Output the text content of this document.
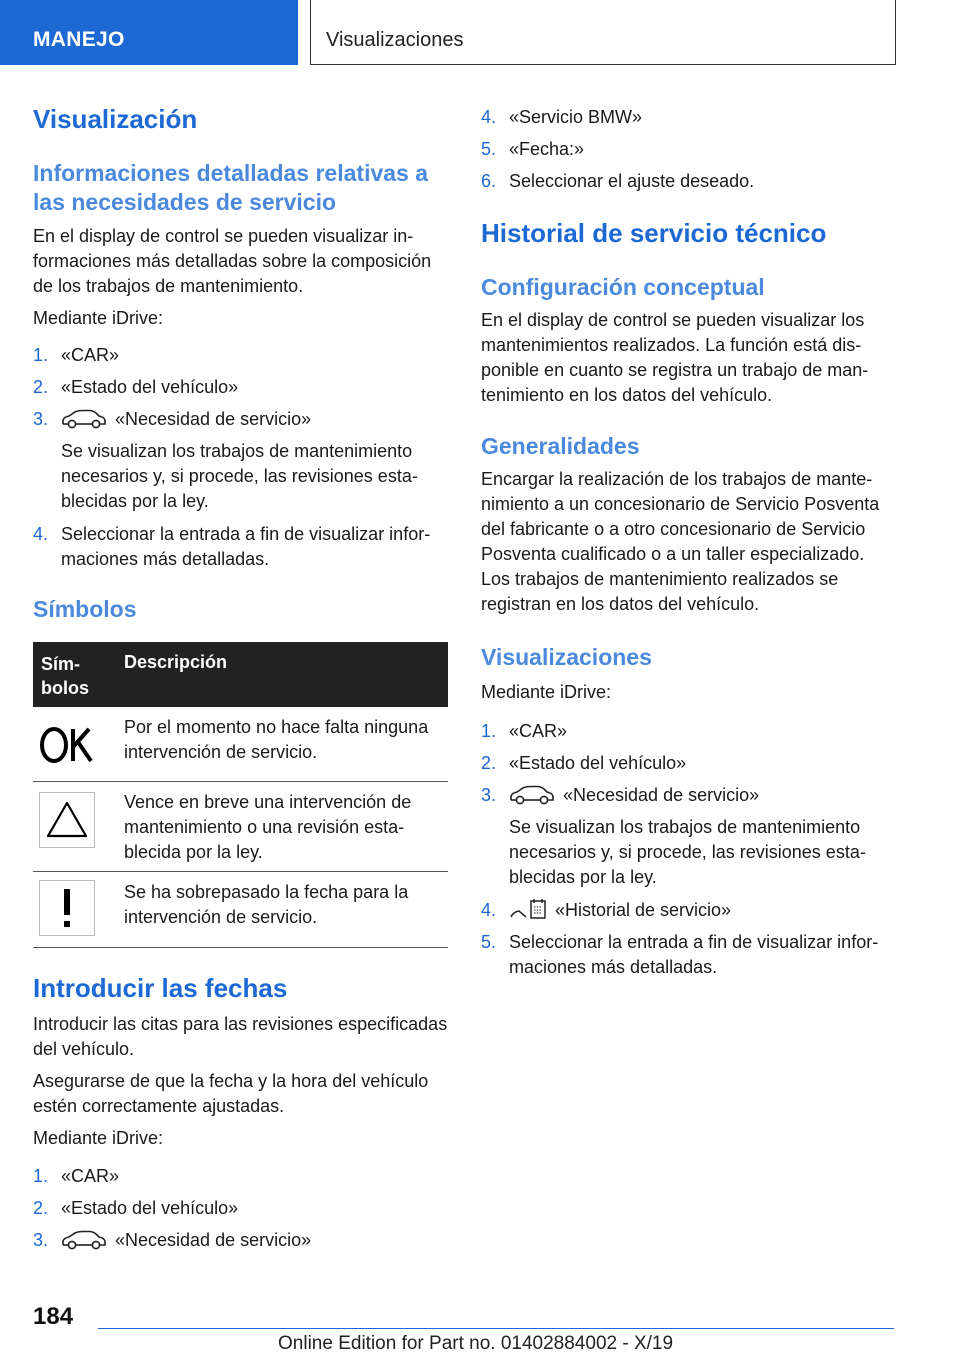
MANEJO	Visualizaciones
Visualización
Informaciones detalladas relativas a las necesidades de servicio
En el display de control se pueden visualizar informaciones más detalladas sobre la composición de los trabajos de mantenimiento.
Mediante iDrive:
1. «CAR»
2. «Estado del vehículo»
3.	«Necesidad de servicio»
Se visualizan los trabajos de mantenimiento necesarios y, si procede, las revisiones establecidas por la ley.
4. Seleccionar la entrada a fin de visualizar informaciones más detalladas.
Símbolos
Símbolos
Descripción
Por el momento no hace falta ninguna intervención de servicio.
Vence en breve una intervención de mantenimiento o una revisión establecida por la ley.
Se ha sobrepasado la fecha para la intervención de servicio.
Introducir las fechas
Introducir las citas para las revisiones especificadas del vehículo.
Asegurarse de que la fecha y la hora del vehículo estén correctamente ajustadas.
Mediante iDrive:
1. «CAR»
2. «Estado del vehículo»
3.	«Necesidad de servicio»
4. «Servicio BMW»
5. «Fecha:»
6. Seleccionar el ajuste deseado.
Historial de servicio técnico
Configuración conceptual
En el display de control se pueden visualizar los mantenimientos realizados. La función está disponible en cuanto se registra un trabajo de mantenimiento en los datos del vehículo.
Generalidades
Encargar la realización de los trabajos de mantenimiento a un concesionario de Servicio Posventa del fabricante o a otro concesionario de Servicio Posventa cualificado o a un taller especializado. Los trabajos de mantenimiento realizados se registran en los datos del vehículo.
Visualizaciones
Mediante iDrive:
1. «CAR»
2. «Estado del vehículo»
3.	«Necesidad de servicio»
Se visualizan los trabajos de mantenimiento necesarios y, si procede, las revisiones establecidas por la ley.
4.	«Historial de servicio»
5. Seleccionar la entrada a fin de visualizar informaciones más detalladas.
184
Online Edition for Part no. 01402884002 - X/19
